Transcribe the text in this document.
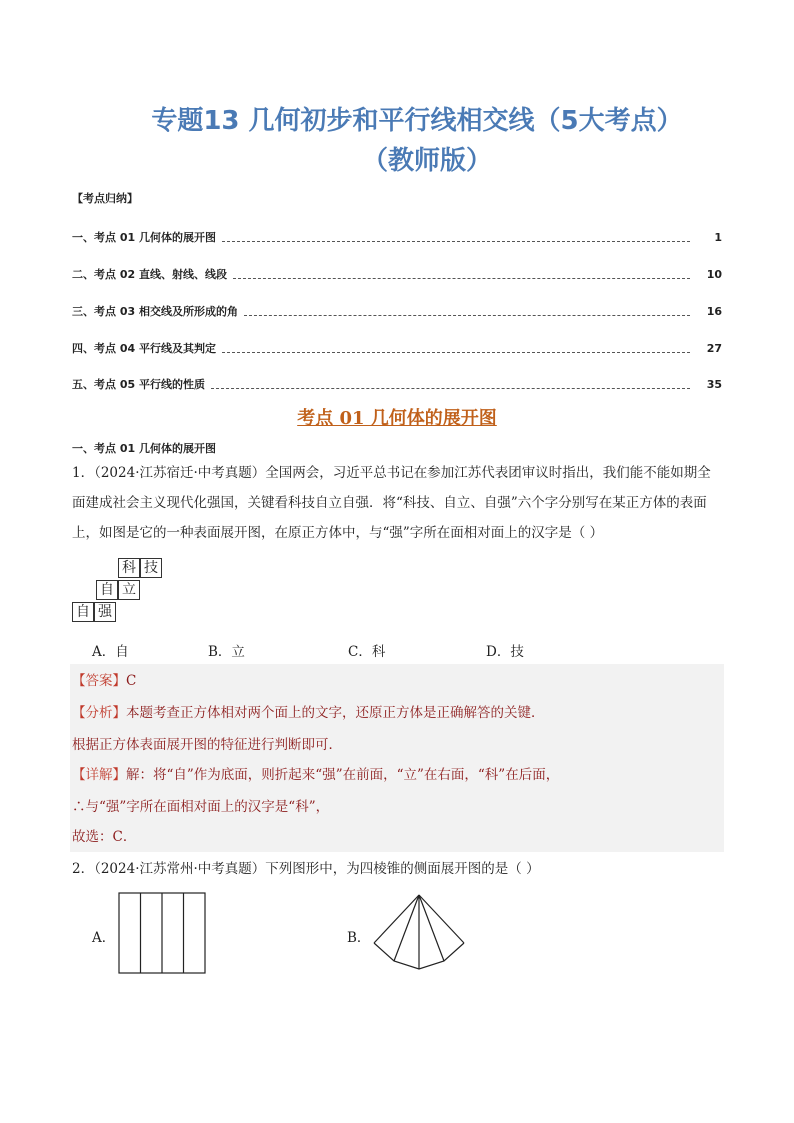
专题13 几何初步和平行线相交线（5大考点）
（教师版）
【考点归纳】
一、考点 01 几何体的展开图	1
二、考点 02 直线、射线、线段	10
三、考点 03 相交线及所形成的角	16
四、考点 04 平行线及其判定	27
五、考点 05 平行线的性质	35
考点 01 几何体的展开图
一、考点 01 几何体的展开图
1．（2024·江苏宿迁·中考真题）全国两会，习近平总书记在参加江苏代表团审议时指出，我们能不能如期全
面建成社会主义现代化强国，关键看科技自立自强．将“科技、自立、自强”六个字分别写在某正方体的表面
上，如图是它的一种表面展开图，在原正方体中，与“强”字所在面相对面上的汉字是（ ）
科 技
自 立
自 强
A．自	B．立	C．科	D．技
【答案】C
【分析】本题考查正方体相对两个面上的文字，还原正方体是正确解答的关键．
根据正方体表面展开图的特征进行判断即可．
【详解】解：将“自”作为底面，则折起来“强”在前面，“立”在右面，“科”在后面，
∴与“强”字所在面相对面上的汉字是“科”，
故选：C．
2．（2024·江苏常州·中考真题）下列图形中，为四棱锥的侧面展开图的是（ ）
A．	B．
